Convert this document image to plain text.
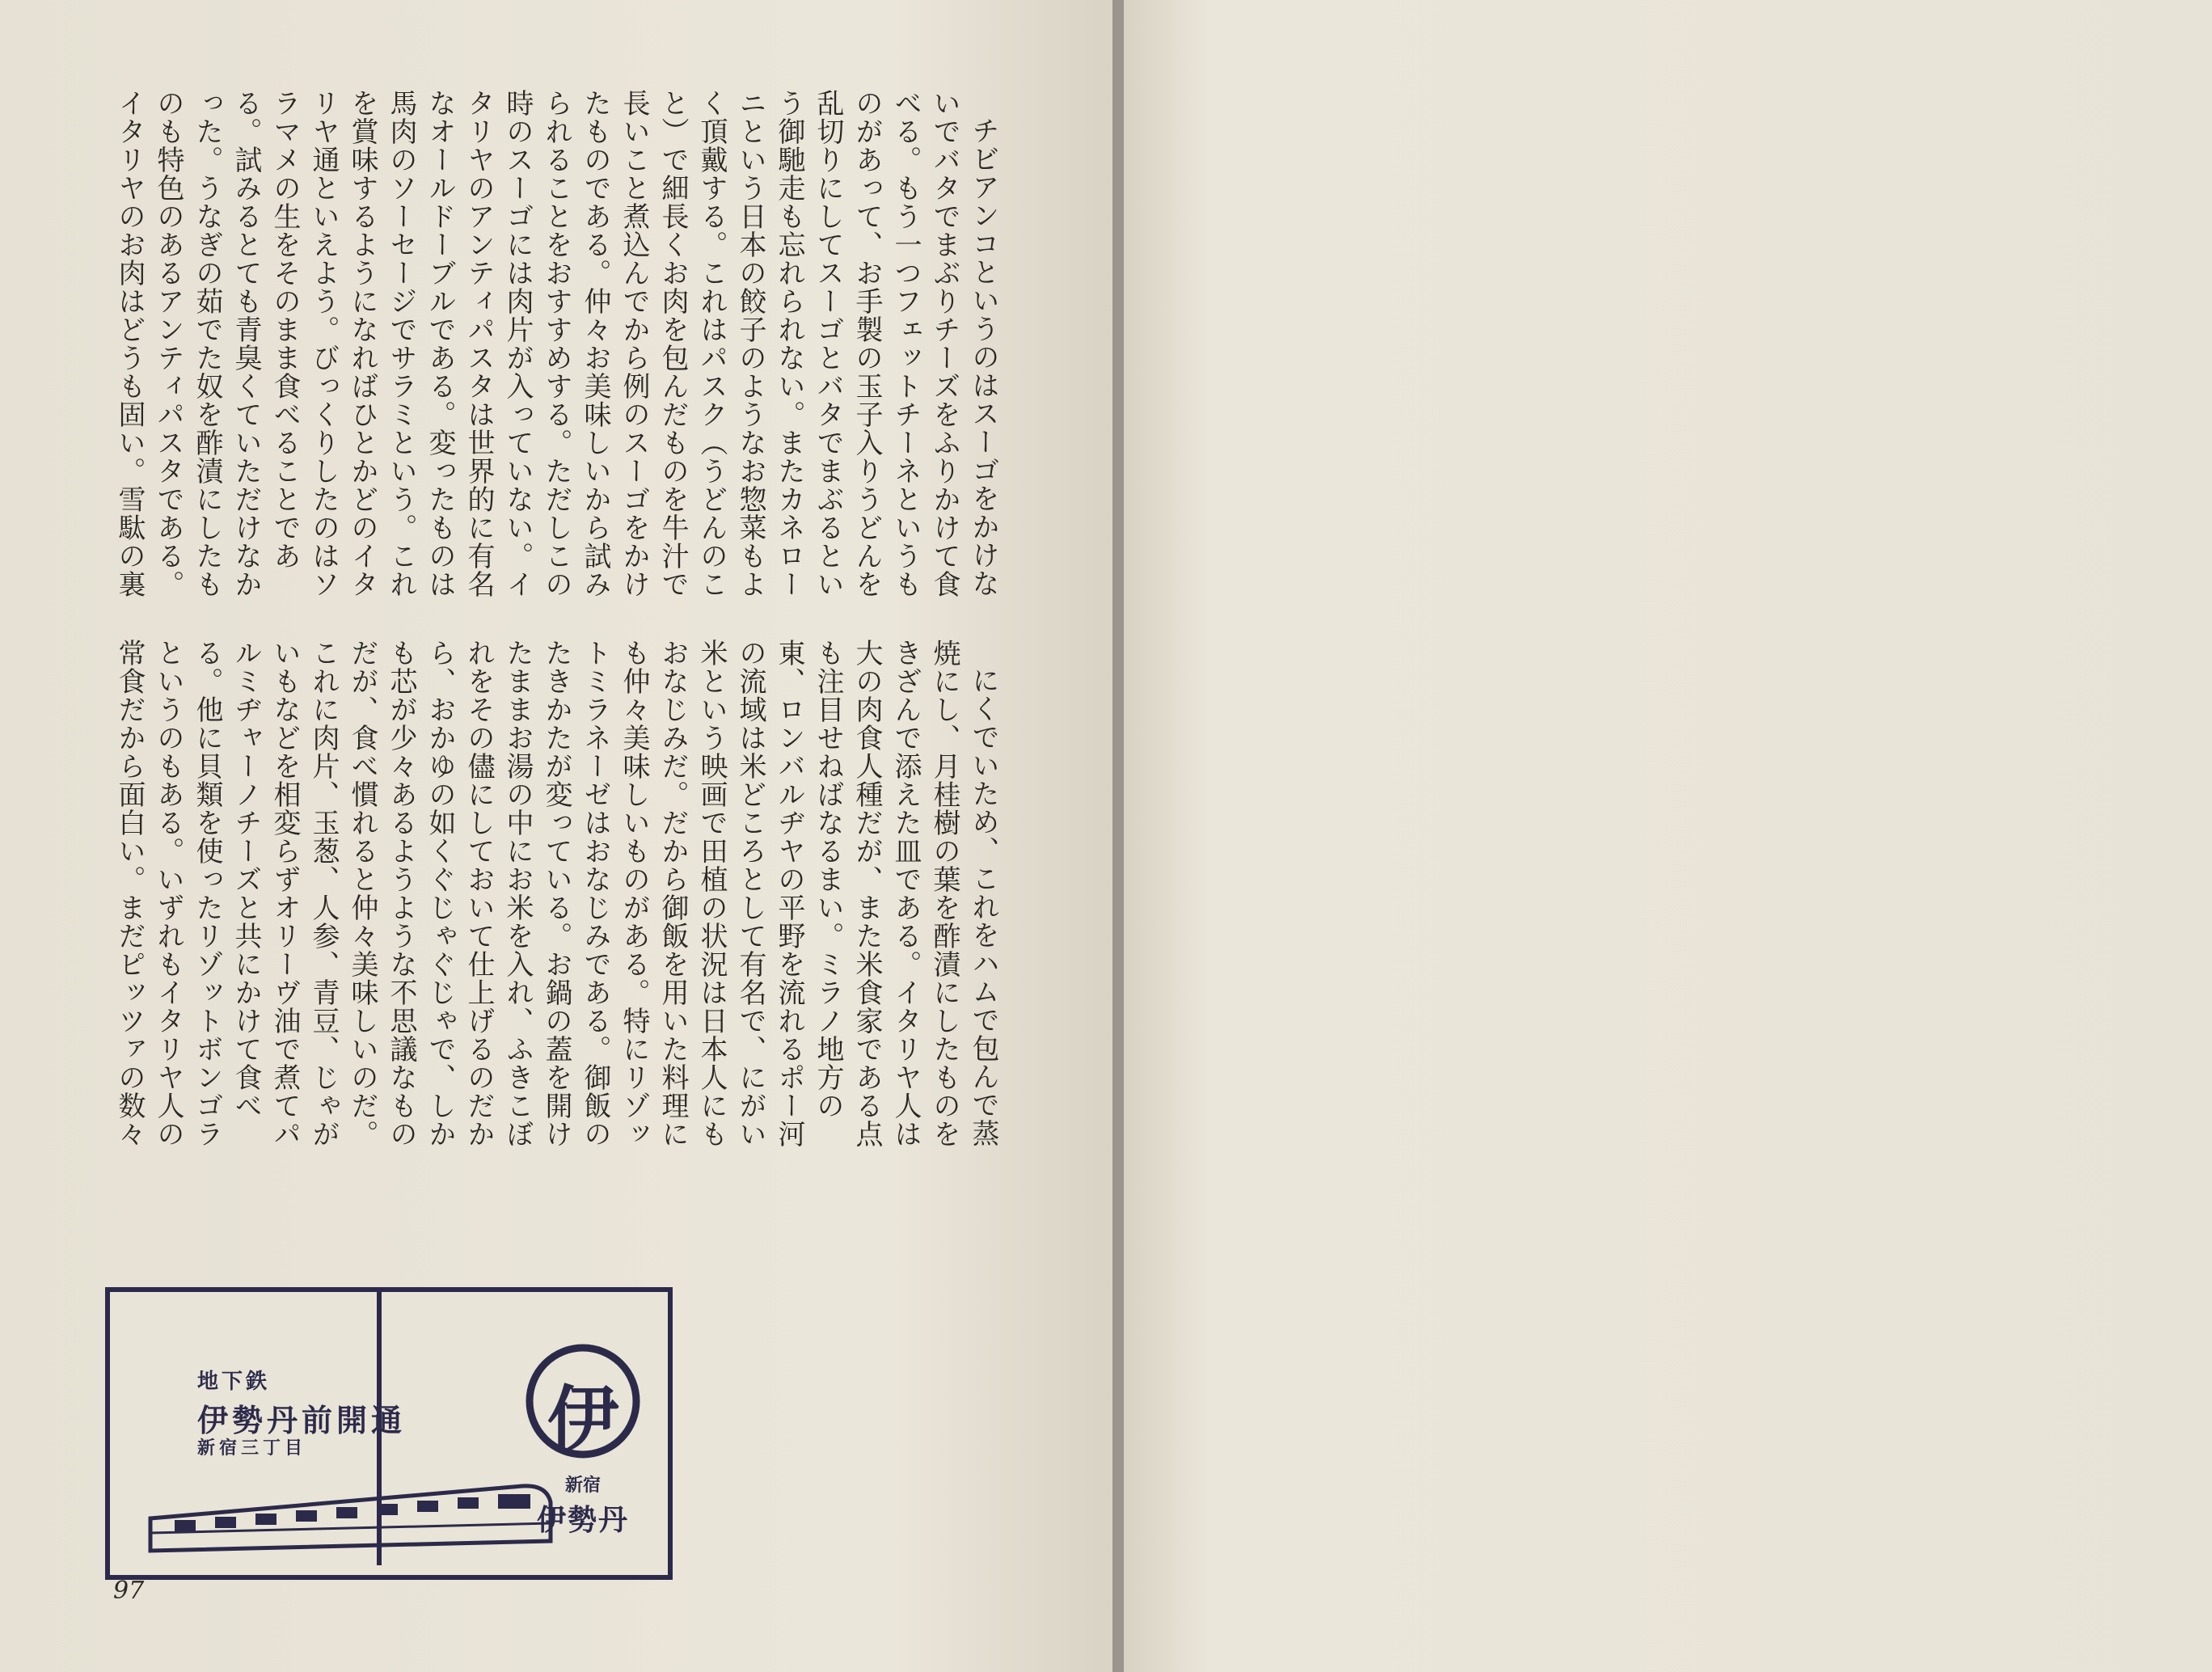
チビアンコというのはスーゴをかけないでバタでまぶりチーズをふりかけて食べる。もう一つフェットチーネというものがあって、お手製の玉子入りうどんを乱切りにしてスーゴとバタでまぶるという御馳走も忘れられない。またカネローニという日本の餃子のようなお惣菜もよく頂戴する。これはパスク（うどんのこと）で細長くお肉を包んだものを牛汁で長いこと煮込んでから例のスーゴをかけたものである。仲々お美味しいから試みられることをおすすめする。ただしこの時のスーゴには肉片が入っていない。イタリヤのアンティパスタは世界的に有名なオールドーブルである。変ったものは馬肉のソーセージでサラミという。これを賞味するようになればひとかどのイタリヤ通といえよう。びっくりしたのはソラマメの生をそのまま食べることである。試みるとても青臭くていただけなかった。うなぎの茹でた奴を酢漬にしたものも特色のあるアンティパスタである。イタリヤのお肉はどうも固い。雪駄の裏

にくでいため、これをハムで包んで蒸焼にし、月桂樹の葉を酢漬にしたものをきざんで添えた皿である。イタリヤ人は大の肉食人種だが、また米食家である点も注目せねばなるまい。ミラノ地方の東、ロンバルヂヤの平野を流れるポー河の流域は米どころとして有名で、にがい米という映画で田植の状況は日本人にもおなじみだ。だから御飯を用いた料理にも仲々美味しいものがある。特にリゾットミラネーゼはおなじみである。御飯のたきかたが変っている。お鍋の蓋を開けたままお湯の中にお米を入れ、ふきこぼれをその儘にしておいて仕上げるのだから、おかゆの如くぐじゃぐじゃで、しかも芯が少々あるようような不思議なものだが、食べ慣れると仲々美味しいのだ。これに肉片、玉葱、人参、青豆、じゃがいもなどを相変らずオリーヴ油で煮てパルミヂャーノチーズと共にかけて食べる。他に貝類を使ったリゾットボンゴラというのもある。いずれもイタリヤ人の常食だから面白い。まだピッツァの数々

地下鉄
伊勢丹前開通
新宿三丁目	伊
新宿
伊勢丹
97
